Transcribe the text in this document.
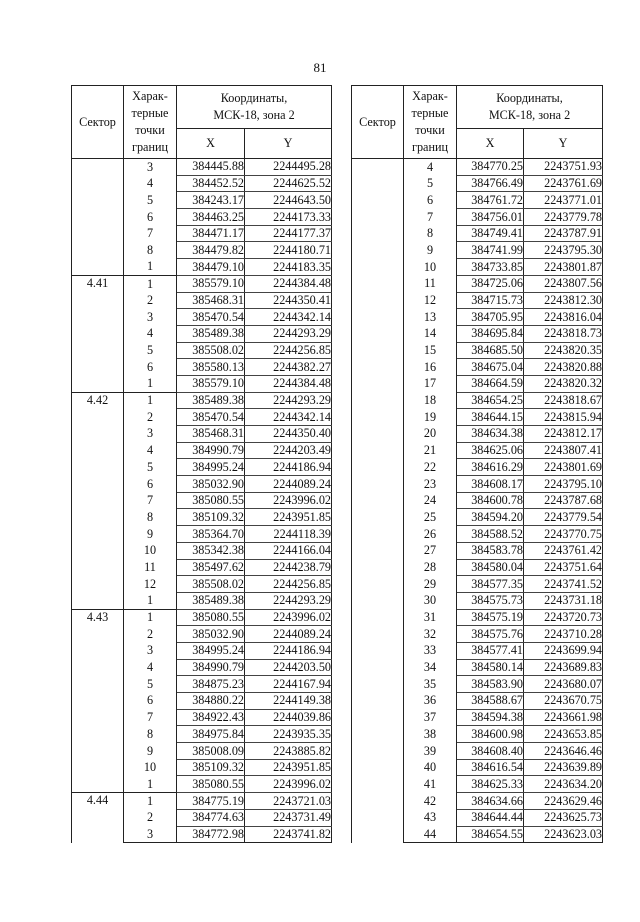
81
Сектор	Харак-
терные
точки
границ	Координаты,
МСК-18, зона 2	
		X	Y
	3	384445.88	2244495.28
	4	384452.52	2244625.52
	5	384243.17	2244643.50
	6	384463.25	2244173.33
	7	384471.17	2244177.37
	8	384479.82	2244180.71
	1	384479.10	2244183.35
4.41	1	385579.10	2244384.48
	2	385468.31	2244350.41
	3	385470.54	2244342.14
	4	385489.38	2244293.29
	5	385508.02	2244256.85
	6	385580.13	2244382.27
	1	385579.10	2244384.48
4.42	1	385489.38	2244293.29
	2	385470.54	2244342.14
	3	385468.31	2244350.40
	4	384990.79	2244203.49
	5	384995.24	2244186.94
	6	385032.90	2244089.24
	7	385080.55	2243996.02
	8	385109.32	2243951.85
	9	385364.70	2244118.39
	10	385342.38	2244166.04
	11	385497.62	2244238.79
	12	385508.02	2244256.85
	1	385489.38	2244293.29
4.43	1	385080.55	2243996.02
	2	385032.90	2244089.24
	3	384995.24	2244186.94
	4	384990.79	2244203.50
	5	384875.23	2244167.94
	6	384880.22	2244149.38
	7	384922.43	2244039.86
	8	384975.84	2243935.35
	9	385008.09	2243885.82
	10	385109.32	2243951.85
	1	385080.55	2243996.02
4.44	1	384775.19	2243721.03
	2	384774.63	2243731.49
	3	384772.98	2243741.82
Сектор	Харак-
терные
точки
границ	Координаты,
МСК-18, зона 2	
		X	Y
	4	384770.25	2243751.93
	5	384766.49	2243761.69
	6	384761.72	2243771.01
	7	384756.01	2243779.78
	8	384749.41	2243787.91
	9	384741.99	2243795.30
	10	384733.85	2243801.87
	11	384725.06	2243807.56
	12	384715.73	2243812.30
	13	384705.95	2243816.04
	14	384695.84	2243818.73
	15	384685.50	2243820.35
	16	384675.04	2243820.88
	17	384664.59	2243820.32
	18	384654.25	2243818.67
	19	384644.15	2243815.94
	20	384634.38	2243812.17
	21	384625.06	2243807.41
	22	384616.29	2243801.69
	23	384608.17	2243795.10
	24	384600.78	2243787.68
	25	384594.20	2243779.54
	26	384588.52	2243770.75
	27	384583.78	2243761.42
	28	384580.04	2243751.64
	29	384577.35	2243741.52
	30	384575.73	2243731.18
	31	384575.19	2243720.73
	32	384575.76	2243710.28
	33	384577.41	2243699.94
	34	384580.14	2243689.83
	35	384583.90	2243680.07
	36	384588.67	2243670.75
	37	384594.38	2243661.98
	38	384600.98	2243653.85
	39	384608.40	2243646.46
	40	384616.54	2243639.89
	41	384625.33	2243634.20
	42	384634.66	2243629.46
	43	384644.44	2243625.73
	44	384654.55	2243623.03
